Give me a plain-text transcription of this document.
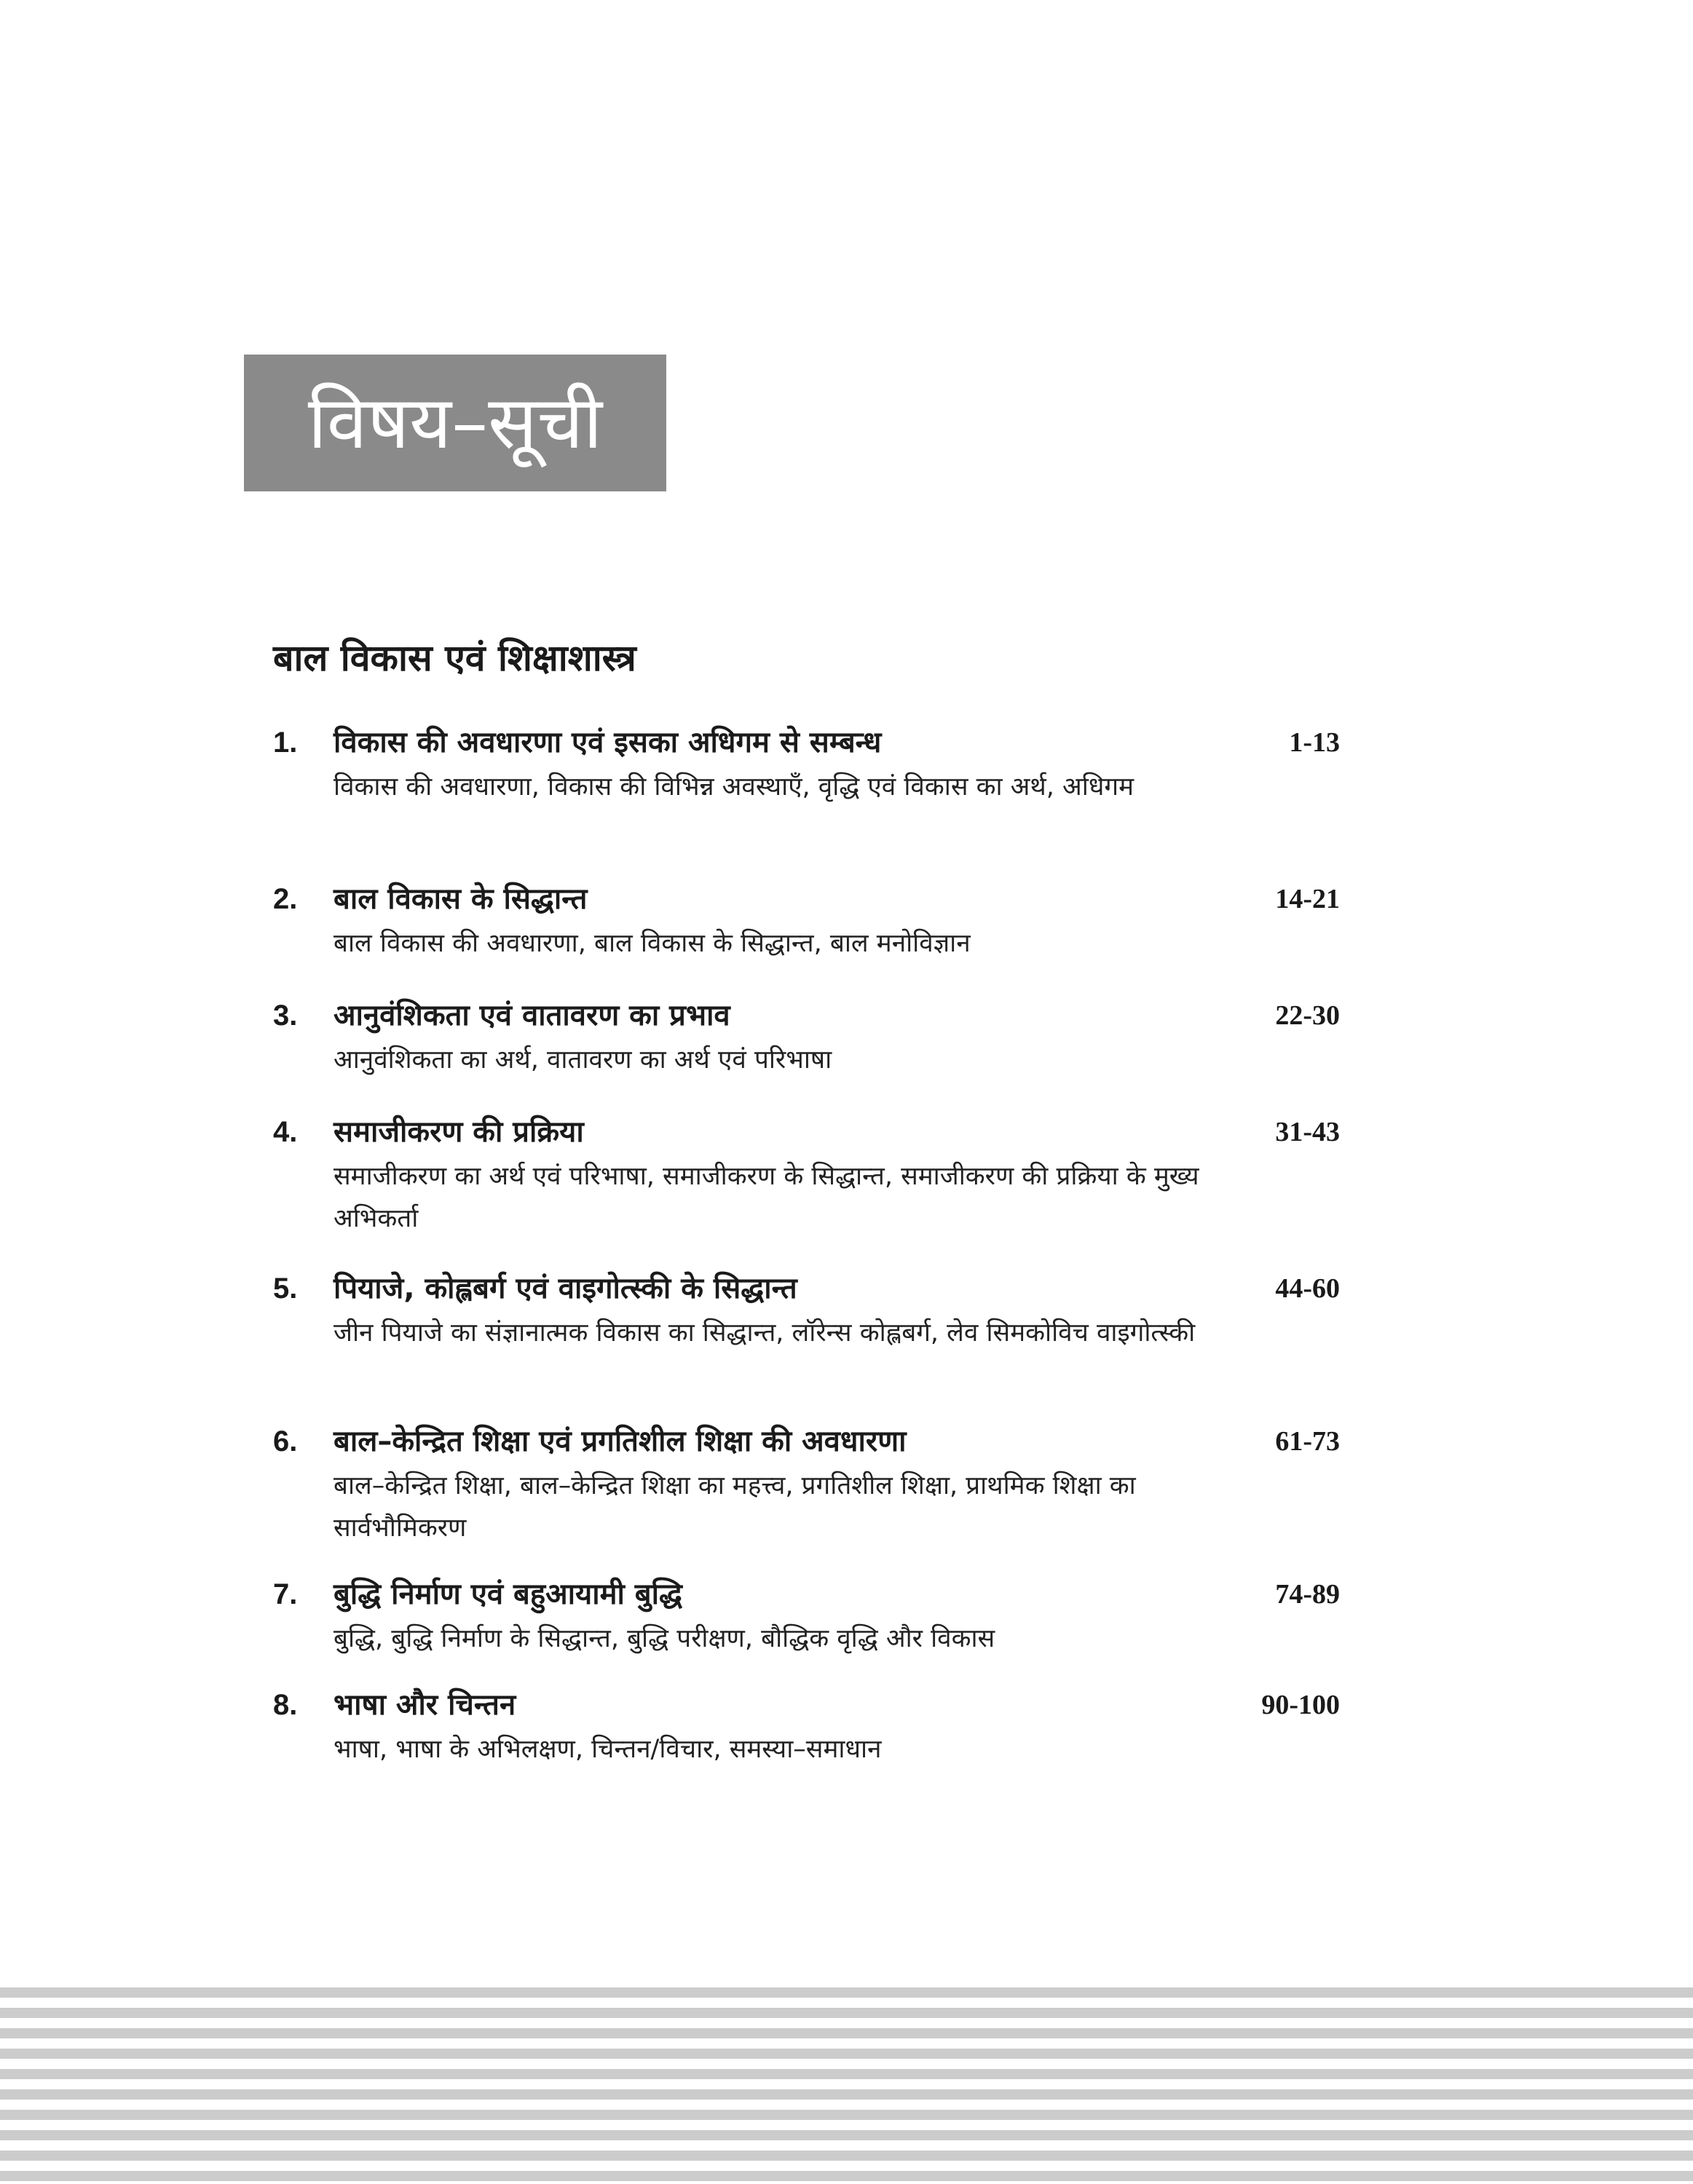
विषय–सूची
बाल विकास एवं शिक्षाशास्त्र
1. विकास की अवधारणा एवं इसका अधिगम से सम्बन्ध	1-13
विकास की अवधारणा, विकास की विभिन्न अवस्थाएँ, वृद्धि एवं विकास का अर्थ, अधिगम
2. बाल विकास के सिद्धान्त	14-21
बाल विकास की अवधारणा, बाल विकास के सिद्धान्त, बाल मनोविज्ञान
3. आनुवंशिकता एवं वातावरण का प्रभाव	22-30
आनुवंशिकता का अर्थ, वातावरण का अर्थ एवं परिभाषा
4. समाजीकरण की प्रक्रिया	31-43
समाजीकरण का अर्थ एवं परिभाषा, समाजीकरण के सिद्धान्त, समाजीकरण की प्रक्रिया के मुख्य अभिकर्ता
5. पियाजे, कोह्लबर्ग एवं वाइगोत्स्की के सिद्धान्त	44-60
जीन पियाजे का संज्ञानात्मक विकास का सिद्धान्त, लॉरेन्स कोह्लबर्ग, लेव सिमकोविच वाइगोत्स्की
6. बाल–केन्द्रित शिक्षा एवं प्रगतिशील शिक्षा की अवधारणा	61-73
बाल–केन्द्रित शिक्षा, बाल–केन्द्रित शिक्षा का महत्त्व, प्रगतिशील शिक्षा, प्राथमिक शिक्षा का सार्वभौमिकरण
7. बुद्धि निर्माण एवं बहुआयामी बुद्धि	74-89
बुद्धि, बुद्धि निर्माण के सिद्धान्त, बुद्धि परीक्षण, बौद्धिक वृद्धि और विकास
8. भाषा और चिन्तन	90-100
भाषा, भाषा के अभिलक्षण, चिन्तन/विचार, समस्या–समाधान
